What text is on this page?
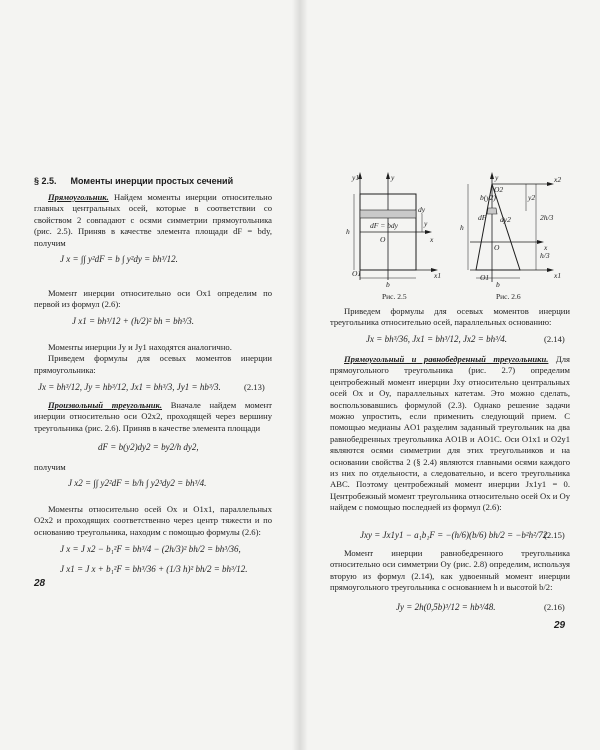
§ 2.5. Моменты инерции простых сечений

Прямоугольник. Найдем моменты инерции относительно главных центральных осей, которые в соответствии со свойством 2 совпадают с осями симметрии прямоугольника (рис. 2.5). Приняв в качестве элемента площади dF = bdy, получим

J x = ∫∫ y²dF = b ∫ y²dy = bh³/12.

Момент инерции относительно оси Ox1 определим по первой из формул (2.6):

J x1 = bh³/12 + (h/2)² bh = bh³/3.

Моменты инерции Jy и Jy1 находятся аналогично.

Приведем формулы для осевых моментов инерции прямоугольника:

Jx = bh³/12, Jy = hb³/12, Jx1 = bh³/3, Jy1 = hb³/3.	(2.13)

Произвольный треугольник. Вначале найдем момент инерции относительно оси O2x2, проходящей через вершину треугольника (рис. 2.6). Приняв в качестве элемента площади

dF = b(y2)dy2 = by2/h dy2,
получим
J x2 = ∫∫ y2²dF = b/h ∫ y2³dy2 = bh³/4.

Моменты относительно осей Ox и O1x1, параллельных O2x2 и проходящих соответственно через центр тяжести и по основанию треугольника, находим с помощью формулы (2.6):

J x = J x2 − b₁²F = bh³/4 − (2h/3)² bh/2 = bh³/36,
J x1 = J x + b₁²F = bh³/36 + (1/3 h)² bh/2 = bh³/12.
28
y1	y
dy
dF = bdy	y
x
O
O1	x1
b
h
Рис. 2.5
y	x2
O2
b(y2)	y2
2h/3
dF dy2
h/3
x
O
O1	x1
b
h
Рис. 2.6

Приведем формулы для осевых моментов инерции треугольника относительно осей, параллельных основанию:

Jx = bh³/36, Jx1 = bh³/12, Jx2 = bh³/4.	(2.14)

Прямоугольный и равнобедренный треугольники. Для прямоугольного треугольника (рис. 2.7) определим центробежный момент инерции Jxy относительно центральных осей Ox и Oy, параллельных катетам. Это можно сделать, воспользовавшись формулой (2.3). Однако решение задачи можно упростить, если применить следующий прием. С помощью медианы AO1 разделим заданный треугольник на два равнобедренных треугольника AO1B и AO1C. Оси O1x1 и O2y1 являются осями симметрии для этих треугольников и на основании свойства 2 (§ 2.4) являются главными осями каждого из них по отдельности, а следовательно, и всего треугольника ABC. Поэтому центробежный момент инерции Jx1y1 = 0. Центробежный момент треугольника относительно осей Ox и Oy найдем с помощью последней из формул (2.6):

Jxy = Jx1y1 − a₁b₁F = −(h/6)(b/6) bh/2 = −b²h²/72.
(2.15)

Момент инерции равнобедренного треугольника относительно оси симметрии Oy (рис. 2.8) определим, используя вторую из формул (2.14), как удвоенный момент инерции прямоугольного треугольника с основанием h и высотой b/2:

Jy = 2h(0,5b)³/12 = hb³/48.	(2.16)
29
